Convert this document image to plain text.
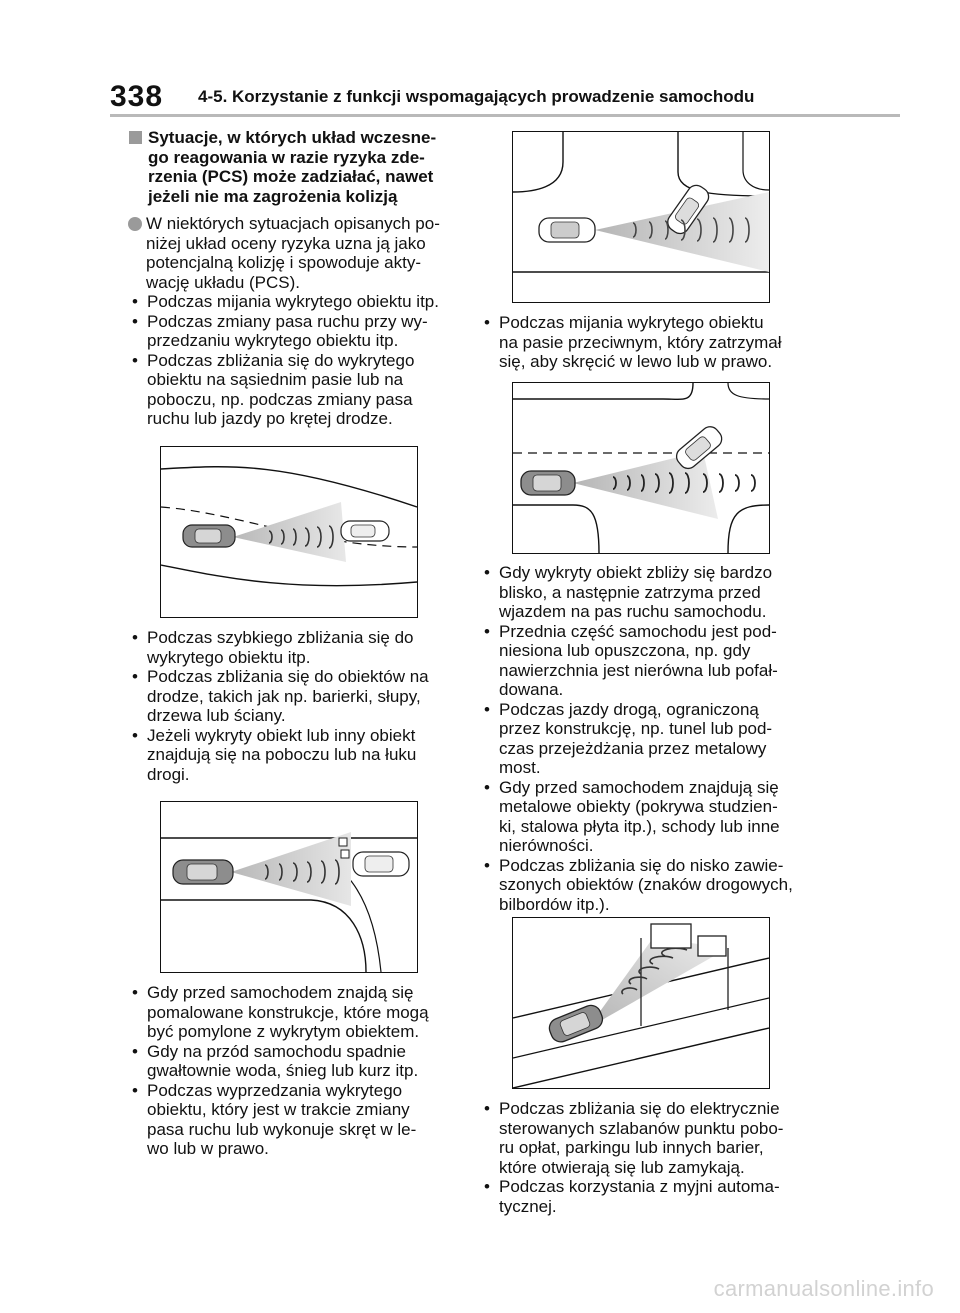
338 4-5. Korzystanie z funkcji wspomagających prowadzenie samochodu
Sytuacje, w których układ wczesne-
go reagowania w razie ryzyka zde-
rzenia (PCS) może zadziałać, nawet
jeżeli nie ma zagrożenia kolizją
W niektórych sytuacjach opisanych po-
niżej układ oceny ryzyka uzna ją jako
potencjalną kolizję i spowoduje akty-
wację układu (PCS).
• Podczas mijania wykrytego obiektu itp.
• Podczas zmiany pasa ruchu przy wy-
przedzaniu wykrytego obiektu itp.
• Podczas zbliżania się do wykrytego
obiektu na sąsiednim pasie lub na
poboczu, np. podczas zmiany pasa
ruchu lub jazdy po krętej drodze.
• Podczas szybkiego zbliżania się do
wykrytego obiektu itp.
• Podczas zbliżania się do obiektów na
drodze, takich jak np. barierki, słupy,
drzewa lub ściany.
• Jeżeli wykryty obiekt lub inny obiekt
znajdują się na poboczu lub na łuku
drogi.
• Gdy przed samochodem znajdą się
pomalowane konstrukcje, które mogą
być pomylone z wykrytym obiektem.
• Gdy na przód samochodu spadnie
gwałtownie woda, śnieg lub kurz itp.
• Podczas wyprzedzania wykrytego
obiektu, który jest w trakcie zmiany
pasa ruchu lub wykonuje skręt w le-
wo lub w prawo.
• Podczas mijania wykrytego obiektu
na pasie przeciwnym, który zatrzymał
się, aby skręcić w lewo lub w prawo.
• Gdy wykryty obiekt zbliży się bardzo
blisko, a następnie zatrzyma przed
wjazdem na pas ruchu samochodu.
• Przednia część samochodu jest pod-
niesiona lub opuszczona, np. gdy
nawierzchnia jest nierówna lub pofał-
dowana.
• Podczas jazdy drogą, ograniczoną
przez konstrukcję, np. tunel lub pod-
czas przejeżdżania przez metalowy
most.
• Gdy przed samochodem znajdują się
metalowe obiekty (pokrywa studzien-
ki, stalowa płyta itp.), schody lub inne
nierówności.
• Podczas zbliżania się do nisko zawie-
szonych obiektów (znaków drogowych,
bilbordów itp.).
• Podczas zbliżania się do elektrycznie
sterowanych szlabanów punktu pobo-
ru opłat, parkingu lub innych barier,
które otwierają się lub zamykają.
• Podczas korzystania z myjni automa-
tycznej.
carmanualsonline.info
